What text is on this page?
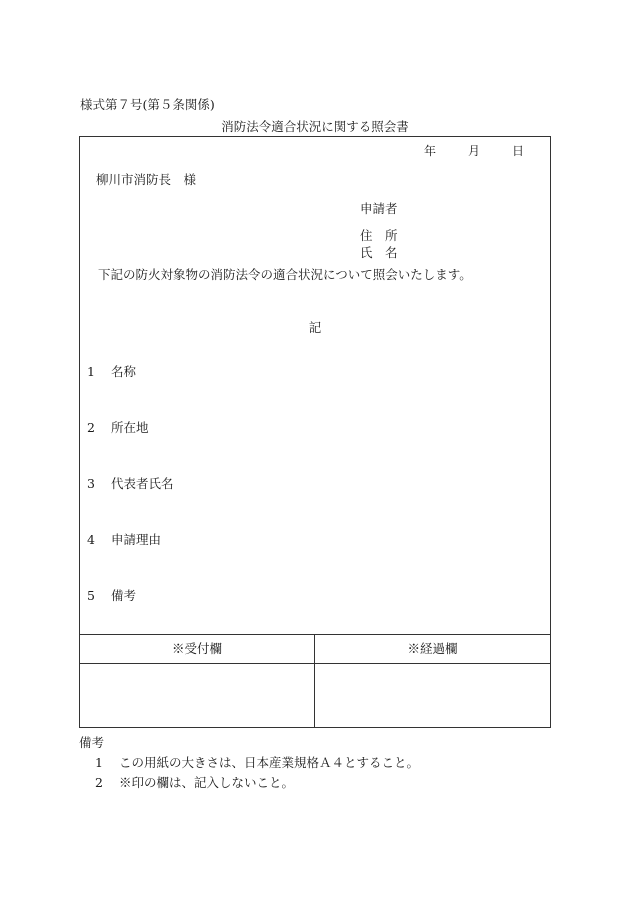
様式第７号(第５条関係)
消防法令適合状況に関する照会書
年	月	日
柳川市消防長　様
申請者
住　所
氏　名
下記の防火対象物の消防法令の適合状況について照会いたします。
記
1 名称
2 所在地
3 代表者氏名
4 申請理由
5 備考
※受付欄	※経過欄
備考
1 この用紙の大きさは、日本産業規格Ａ４とすること。
2 ※印の欄は、記入しないこと。
